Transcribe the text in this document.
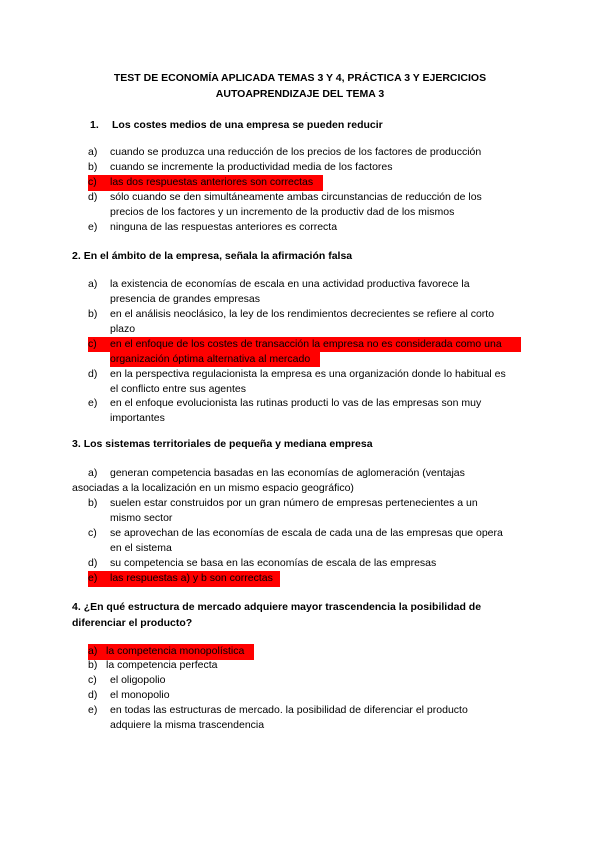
TEST DE ECONOMÍA APLICADA TEMAS 3 Y 4, PRÁCTICA 3 Y EJERCICIOS
AUTOAPRENDIZAJE DEL TEMA 3
1. Los costes medios de una empresa se pueden reducir
a) cuando se produzca una reducción de los precios de los factores de producción
b) cuando se incremente la productividad media de los factores
c) las dos respuestas anteriores son correctas
d) sólo cuando se den simultáneamente ambas circunstancias de reducción de los
precios de los factores y un incremento de la productiv dad de los mismos
e) ninguna de las respuestas anteriores es correcta
2. En el ámbito de la empresa, señala la afirmación falsa
a) la existencia de economías de escala en una actividad productiva favorece la
presencia de grandes empresas
b) en el análisis neoclásico, la ley de los rendimientos decrecientes se refiere al corto
plazo
c) en el enfoque de los costes de transacción la empresa no es considerada como una
organización óptima alternativa al mercado
d) en la perspectiva regulacionista la empresa es una organización donde lo habitual es
el conflicto entre sus agentes
e) en el enfoque evolucionista las rutinas producti lo vas de las empresas son muy
importantes
3. Los sistemas territoriales de pequeña y mediana empresa
a) generan competencia basadas en las economías de aglomeración (ventajas
asociadas a la localización en un mismo espacio geográfico)
b) suelen estar construidos por un gran número de empresas pertenecientes a un
mismo sector
c) se aprovechan de las economías de escala de cada una de las empresas que opera
en el sistema
d) su competencia se basa en las economías de escala de las empresas
e) las respuestas a) y b son correctas
4. ¿En qué estructura de mercado adquiere mayor trascendencia la posibilidad de
diferenciar el producto?
a) la competencia monopolística
b) la competencia perfecta
c) el oligopolio
d) el monopolio
e) en todas las estructuras de mercado. la posibilidad de diferenciar el producto
adquiere la misma trascendencia
